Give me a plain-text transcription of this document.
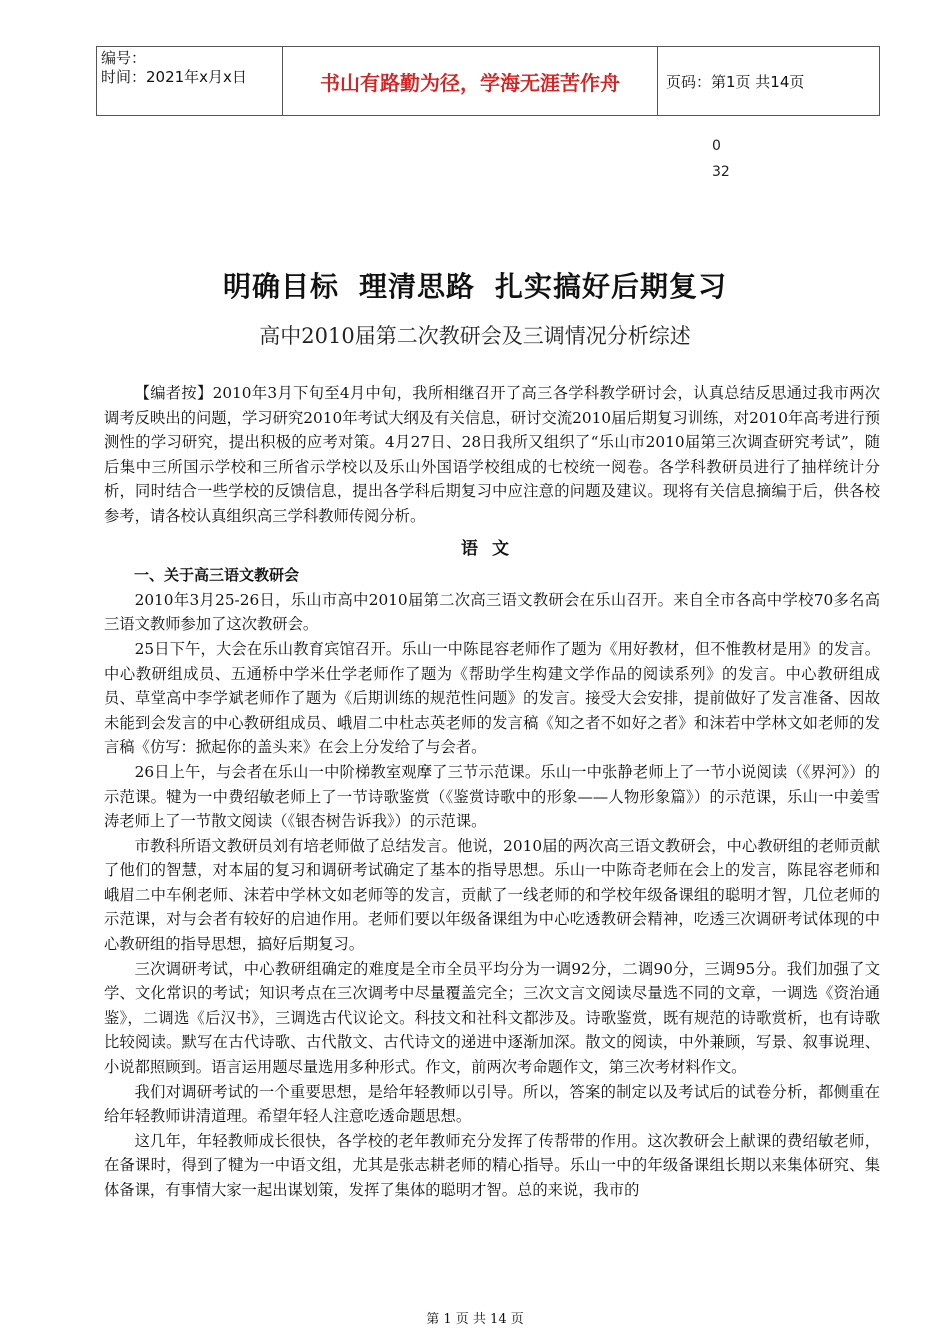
编号：
时间：2021年x月x日	书山有路勤为径，学海无涯苦作舟	页码：第1页 共14页
0
32
明确目标 理清思路 扎实搞好后期复习
高中2010届第二次教研会及三调情况分析综述

【编者按】2010年3月下旬至4月中旬，我所相继召开了高三各学科教学研讨会，认真总结反思通过我市两次调考反映出的问题，学习研究2010年考试大纲及有关信息，研讨交流2010届后期复习训练，对2010年高考进行预测性的学习研究，提出积极的应考对策。4月27日、28日我所又组织了“乐山市2010届第三次调查研究考试”，随后集中三所国示学校和三所省示学校以及乐山外国语学校组成的七校统一阅卷。各学科教研员进行了抽样统计分析，同时结合一些学校的反馈信息，提出各学科后期复习中应注意的问题及建议。现将有关信息摘编于后，供各校参考，请各校认真组织高三学科教师传阅分析。

语文

一、关于高三语文教研会

2010年3月25-26日，乐山市高中2010届第二次高三语文教研会在乐山召开。来自全市各高中学校70多名高三语文教师参加了这次教研会。

25日下午，大会在乐山教育宾馆召开。乐山一中陈昆容老师作了题为《用好教材，但不惟教材是用》的发言。中心教研组成员、五通桥中学米仕学老师作了题为《帮助学生构建文学作品的阅读系列》的发言。中心教研组成员、草堂高中李学斌老师作了题为《后期训练的规范性问题》的发言。接受大会安排，提前做好了发言准备、因故未能到会发言的中心教研组成员、峨眉二中杜志英老师的发言稿《知之者不如好之者》和沫若中学林文如老师的发言稿《仿写：掀起你的盖头来》在会上分发给了与会者。

26日上午，与会者在乐山一中阶梯教室观摩了三节示范课。乐山一中张静老师上了一节小说阅读（《界河》）的示范课。犍为一中费绍敏老师上了一节诗歌鉴赏（《鉴赏诗歌中的形象——人物形象篇》）的示范课，乐山一中姜雪涛老师上了一节散文阅读（《银杏树告诉我》）的示范课。

市教科所语文教研员刘有培老师做了总结发言。他说，2010届的两次高三语文教研会，中心教研组的老师贡献了他们的智慧，对本届的复习和调研考试确定了基本的指导思想。乐山一中陈奇老师在会上的发言，陈昆容老师和峨眉二中车俐老师、沫若中学林文如老师等的发言，贡献了一线老师的和学校年级备课组的聪明才智，几位老师的示范课，对与会者有较好的启迪作用。老师们要以年级备课组为中心吃透教研会精神，吃透三次调研考试体现的中心教研组的指导思想，搞好后期复习。

三次调研考试，中心教研组确定的难度是全市全员平均分为一调92分，二调90分，三调95分。我们加强了文学、文化常识的考试；知识考点在三次调考中尽量覆盖完全；三次文言文阅读尽量选不同的文章，一调选《资治通鉴》，二调选《后汉书》，三调选古代议论文。科技文和社科文都涉及。诗歌鉴赏，既有规范的诗歌赏析，也有诗歌比较阅读。默写在古代诗歌、古代散文、古代诗文的递进中逐渐加深。散文的阅读，中外兼顾，写景、叙事说理、小说都照顾到。语言运用题尽量选用多种形式。作文，前两次考命题作文，第三次考材料作文。

我们对调研考试的一个重要思想，是给年轻教师以引导。所以，答案的制定以及考试后的试卷分析，都侧重在给年轻教师讲清道理。希望年轻人注意吃透命题思想。

这几年，年轻教师成长很快，各学校的老年教师充分发挥了传帮带的作用。这次教研会上献课的费绍敏老师，在备课时，得到了犍为一中语文组，尤其是张志耕老师的精心指导。乐山一中的年级备课组长期以来集体研究、集体备课，有事情大家一起出谋划策，发挥了集体的聪明才智。总的来说，我市的

第 1 页 共 14 页
